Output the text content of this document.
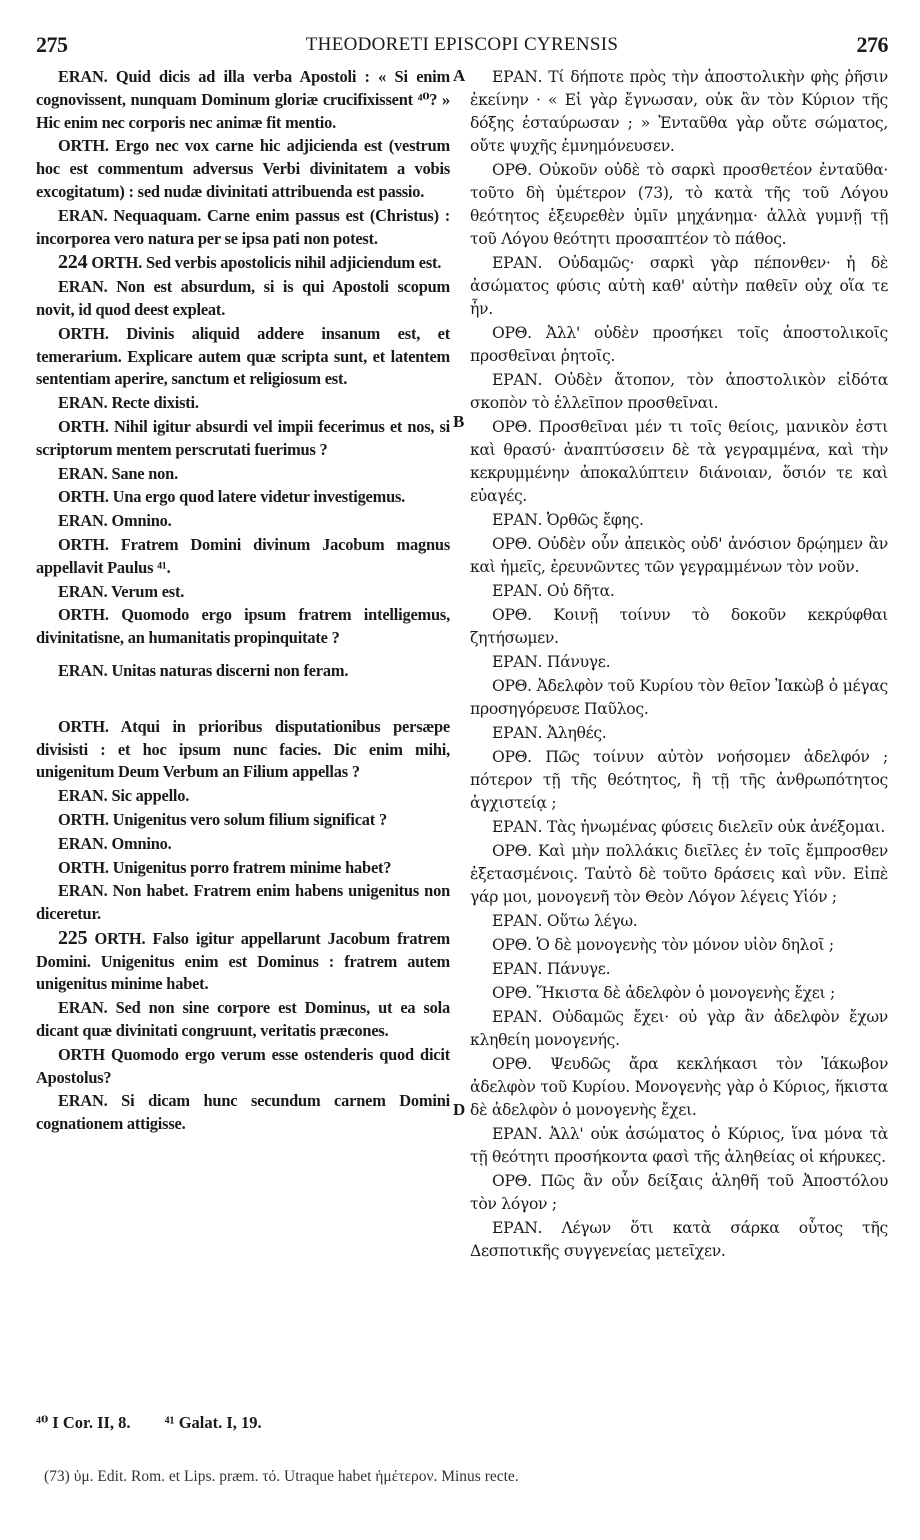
275	THEODORETI EPISCOPI CYRENSIS	276
A
B
D

ERAN. Quid dicis ad illa verba Apostoli : « Si enim cognovissent, nunquam Dominum gloriæ crucifixissent ⁴⁰? » Hic enim nec corporis nec animæ fit mentio.

ORTH. Ergo nec vox carne hic adjicienda est (vestrum hoc est commentum adversus Verbi divinitatem a vobis excogitatum) : sed nudæ divinitati attribuenda est passio.

ERAN. Nequaquam. Carne enim passus est (Christus) : incorporea vero natura per se ipsa pati non potest.

224 ORTH. Sed verbis apostolicis nihil adjiciendum est.

ERAN. Non est absurdum, si is qui Apostoli scopum novit, id quod deest expleat.

ORTH. Divinis aliquid addere insanum est, et temerarium. Explicare autem quæ scripta sunt, et latentem sententiam aperire, sanctum et religiosum est.

ERAN. Recte dixisti.

ORTH. Nihil igitur absurdi vel impii fecerimus et nos, si scriptorum mentem perscrutati fuerimus ?

ERAN. Sane non.

ORTH. Una ergo quod latere videtur investigemus.

ERAN. Omnino.

ORTH. Fratrem Domini divinum Jacobum magnus appellavit Paulus ⁴¹.

ERAN. Verum est.

ORTH. Quomodo ergo ipsum fratrem intelligemus, divinitatisne, an humanitatis propinquitate ?

ERAN. Unitas naturas discerni non feram.

ORTH. Atqui in prioribus disputationibus persæpe divisisti : et hoc ipsum nunc facies. Dic enim mihi, unigenitum Deum Verbum an Filium appellas ?

ERAN. Sic appello.

ORTH. Unigenitus vero solum filium significat ?

ERAN. Omnino.

ORTH. Unigenitus porro fratrem minime habet?

ERAN. Non habet. Fratrem enim habens unigenitus non diceretur.

225 ORTH. Falso igitur appellarunt Jacobum fratrem Domini. Unigenitus enim est Dominus : fratrem autem unigenitus minime habet.

ERAN. Sed non sine corpore est Dominus, ut ea sola dicant quæ divinitati congruunt, veritatis præcones.

ORTH Quomodo ergo verum esse ostenderis quod dicit Apostolus?

ERAN. Si dicam hunc secundum carnem Domini cognationem attigisse.

ΕΡΑΝ. Τί δήποτε πρὸς τὴν ἀποστολικὴν φὴς ῥῆσιν ἐκείνην · « Εἰ γὰρ ἔγνωσαν, οὐκ ἂν τὸν Κύριον τῆς δόξης ἐσταύρωσαν ; » Ἐνταῦθα γὰρ οὔτε σώματος, οὔτε ψυχῆς ἐμνημόνευσεν.

ΟΡΘ. Οὐκοῦν οὐδὲ τὸ σαρκὶ προσθετέον ἐνταῦθα· τοῦτο δὴ ὑμέτερον (73), τὸ κατὰ τῆς τοῦ Λόγου θεότητος ἐξευρεθὲν ὑμῖν μηχάνημα· ἀλλὰ γυμνῇ τῇ τοῦ Λόγου θεότητι προσαπτέον τὸ πάθος.

ΕΡΑΝ. Οὐδαμῶς· σαρκὶ γὰρ πέπονθεν· ἡ δὲ ἀσώματος φύσις αὐτὴ καθ' αὑτὴν παθεῖν οὐχ οἵα τε ἦν.

ΟΡΘ. Ἀλλ' οὐδὲν προσήκει τοῖς ἀποστολικοῖς προσθεῖναι ῥητοῖς.

ΕΡΑΝ. Οὐδὲν ἄτοπον, τὸν ἀποστολικὸν εἰδότα σκοπὸν τὸ ἐλλεῖπον προσθεῖναι.

ΟΡΘ. Προσθεῖναι μέν τι τοῖς θείοις, μανικὸν ἐστι καὶ θρασύ· ἀναπτύσσειν δὲ τὰ γεγραμμένα, καὶ τὴν κεκρυμμένην ἀποκαλύπτειν διάνοιαν, ὅσιόν τε καὶ εὐαγές.

ΕΡΑΝ. Ὀρθῶς ἔφης.

ΟΡΘ. Οὐδὲν οὖν ἀπεικὸς οὐδ' ἀνόσιον δρῴημεν ἂν καὶ ἡμεῖς, ἐρευνῶντες τῶν γεγραμμένων τὸν νοῦν.

ΕΡΑΝ. Οὐ δῆτα.

ΟΡΘ. Κοινῇ τοίνυν τὸ δοκοῦν κεκρύφθαι ζητήσωμεν.

ΕΡΑΝ. Πάνυγε.

ΟΡΘ. Ἀδελφὸν τοῦ Κυρίου τὸν θεῖον Ἰακὼβ ὁ μέγας προσηγόρευσε Παῦλος.

ΕΡΑΝ. Ἀληθές.

ΟΡΘ. Πῶς τοίνυν αὐτὸν νοήσομεν ἀδελφόν ; πότερον τῇ τῆς θεότητος, ἢ τῇ τῆς ἀνθρωπότητος ἀγχιστείᾳ ;

ΕΡΑΝ. Τὰς ἡνωμένας φύσεις διελεῖν οὐκ ἀνέξομαι.

ΟΡΘ. Καὶ μὴν πολλάκις διεῖλες ἐν τοῖς ἔμπροσθεν ἐξετασμένοις. Ταὐτὸ δὲ τοῦτο δράσεις καὶ νῦν. Εἰπὲ γάρ μοι, μονογενῆ τὸν Θεὸν Λόγον λέγεις Υἱόν ;

ΕΡΑΝ. Οὕτω λέγω.

ΟΡΘ. Ὁ δὲ μονογενὴς τὸν μόνον υἱὸν δηλοῖ ;

ΕΡΑΝ. Πάνυγε.

ΟΡΘ. Ἥκιστα δὲ ἀδελφὸν ὁ μονογενὴς ἔχει ;

ΕΡΑΝ. Οὐδαμῶς ἔχει· οὐ γὰρ ἂν ἀδελφὸν ἔχων κληθείη μονογενής.

ΟΡΘ. Ψευδῶς ἄρα κεκλήκασι τὸν Ἰάκωβον ἀδελφὸν τοῦ Κυρίου. Μονογενὴς γὰρ ὁ Κύριος, ἥκιστα δὲ ἀδελφὸν ὁ μονογενὴς ἔχει.

ΕΡΑΝ. Ἀλλ' οὐκ ἀσώματος ὁ Κύριος, ἵνα μόνα τὰ τῇ θεότητι προσήκοντα φασὶ τῆς ἀληθείας οἱ κήρυκες.

ΟΡΘ. Πῶς ἂν οὖν δείξαις ἀληθῆ τοῦ Ἀποστόλου τὸν λόγον ;

ΕΡΑΝ. Λέγων ὅτι κατὰ σάρκα οὗτος τῆς Δεσποτικῆς συγγενείας μετεῖχεν.

⁴⁰ I Cor. II, 8. ⁴¹ Galat. I, 19.
(73) ὑμ. Edit. Rom. et Lips. præm. τό. Utraque habet ἡμέτερον. Minus recte.
